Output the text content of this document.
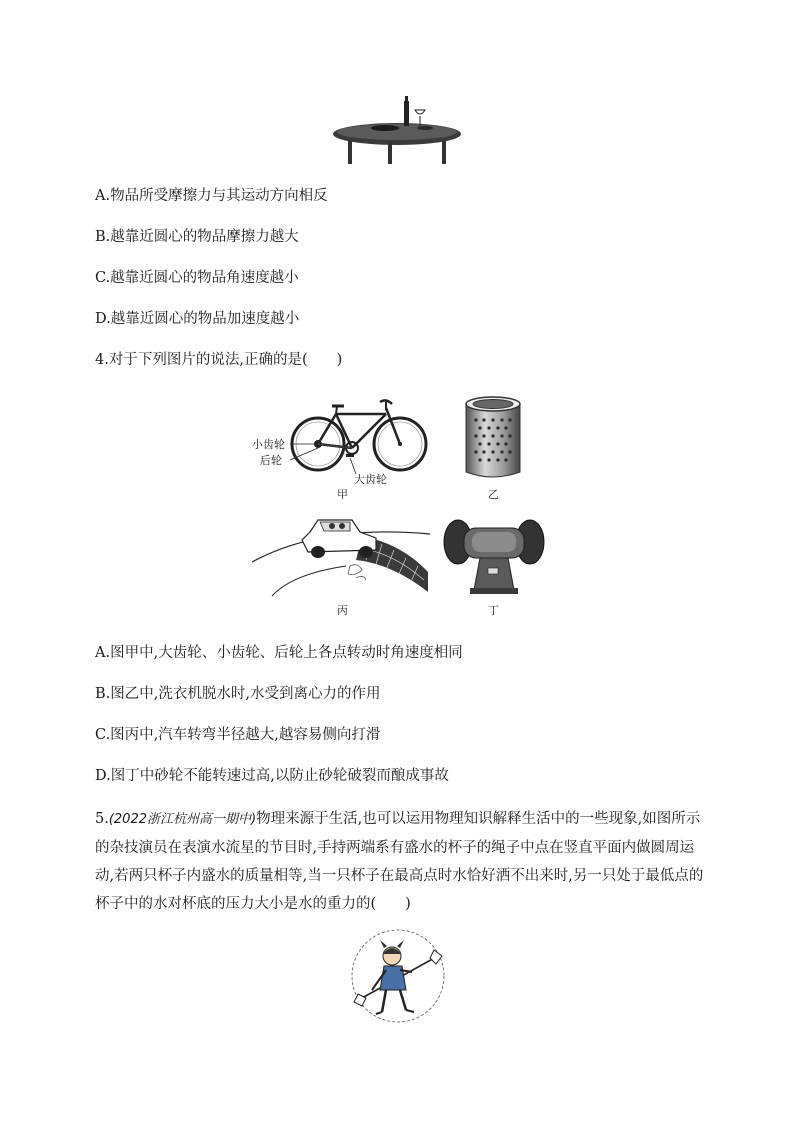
A.物品所受摩擦力与其运动方向相反
B.越靠近圆心的物品摩擦力越大
C.越靠近圆心的物品角速度越小
D.越靠近圆心的物品加速度越小
4.对于下列图片的说法,正确的是(　　)
小齿轮
后轮
大齿轮
甲	乙
丙	丁
A.图甲中,大齿轮、小齿轮、后轮上各点转动时角速度相同
B.图乙中,洗衣机脱水时,水受到离心力的作用
C.图丙中,汽车转弯半径越大,越容易侧向打滑
D.图丁中砂轮不能转速过高,以防止砂轮破裂而酿成事故
5.(2022浙江杭州高一期中)物理来源于生活,也可以运用物理知识解释生活中的一些现象,如图所示的杂技演员在表演水流星的节目时,手持两端系有盛水的杯子的绳子中点在竖直平面内做圆周运动,若两只杯子内盛水的质量相等,当一只杯子在最高点时水恰好洒不出来时,另一只处于最低点的杯子中的水对杯底的压力大小是水的重力的(　　)
